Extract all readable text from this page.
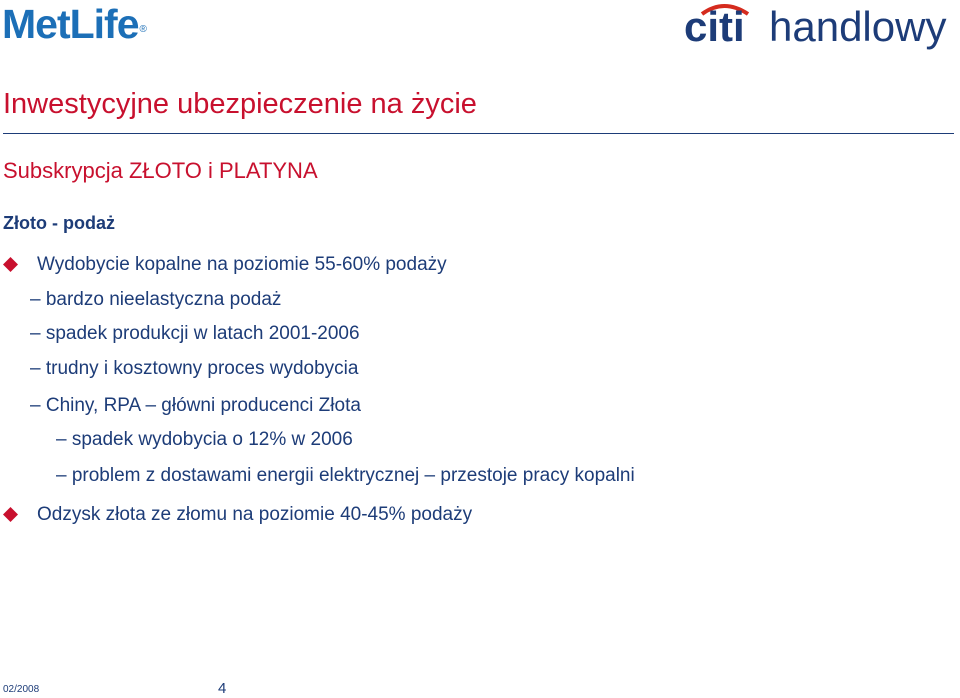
MetLife®	citi handlowy
Inwestycyjne ubezpieczenie na życie
Subskrypcja ZŁOTO i PLATYNA
Złoto - podaż
Wydobycie kopalne na poziomie 55-60% podaży
– bardzo nieelastyczna podaż
– spadek produkcji w latach 2001-2006
– trudny i kosztowny proces wydobycia
– Chiny, RPA – główni producenci Złota
– spadek wydobycia o 12% w 2006
– problem z dostawami energii elektrycznej – przestoje pracy kopalni
Odzysk złota ze złomu na poziomie 40-45% podaży
02/2008	4
